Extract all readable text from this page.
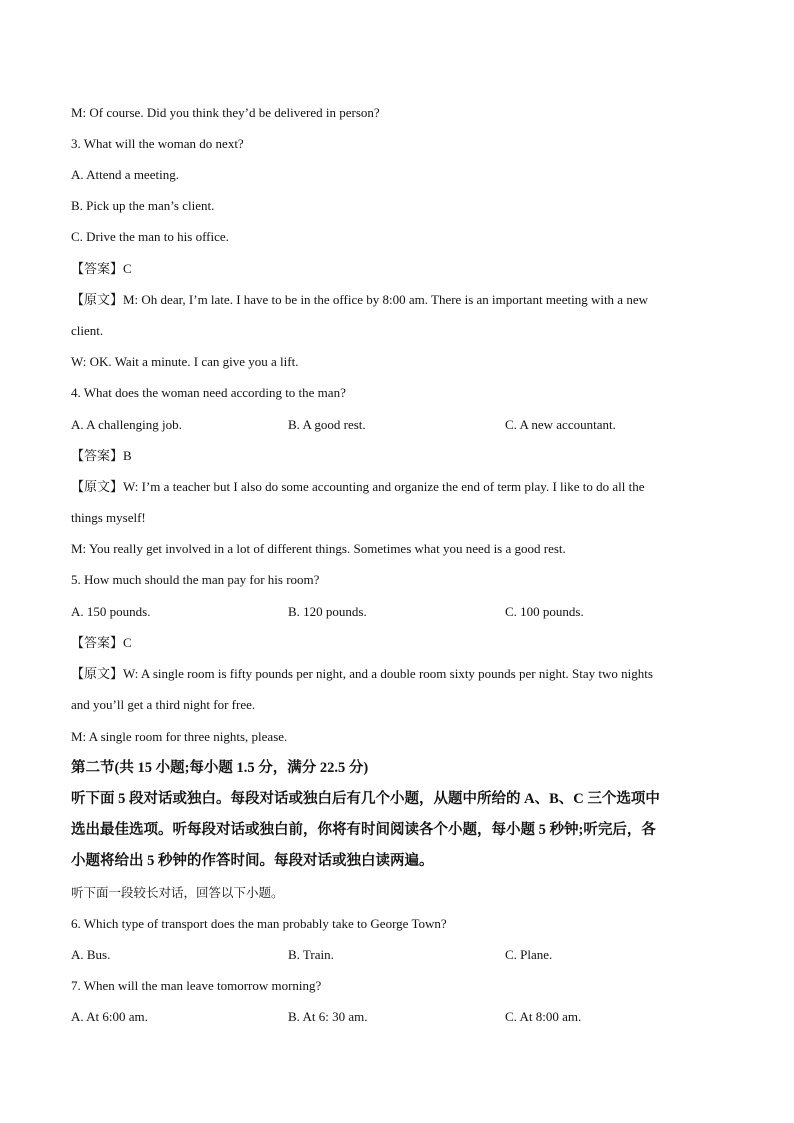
M: Of course. Did you think they’d be delivered in person?
3. What will the woman do next?
A. Attend a meeting.
B. Pick up the man’s client.
C. Drive the man to his office.
【答案】C
【原文】M: Oh dear, I’m late. I have to be in the office by 8:00 am. There is an important meeting with a new
client.
W: OK. Wait a minute. I can give you a lift.
4. What does the woman need according to the man?
A. A challenging job.	B. A good rest.	C. A new accountant.
【答案】B
【原文】W: I’m a teacher but I also do some accounting and organize the end of term play. I like to do all the
things myself!
M: You really get involved in a lot of different things. Sometimes what you need is a good rest.
5. How much should the man pay for his room?
A. 150 pounds.	B. 120 pounds.	C. 100 pounds.
【答案】C
【原文】W: A single room is fifty pounds per night, and a double room sixty pounds per night. Stay two nights
and you’ll get a third night for free.
M: A single room for three nights, please.
第二节(共 15 小题;每小题 1.5 分，满分 22.5 分)
听下面 5 段对话或独白。每段对话或独白后有几个小题，从题中所给的 A、B、C 三个选项中
选出最佳选项。听每段对话或独白前，你将有时间阅读各个小题，每小题 5 秒钟;听完后，各
小题将给出 5 秒钟的作答时间。每段对话或独白读两遍。
听下面一段较长对话，回答以下小题。
6. Which type of transport does the man probably take to George Town?
A. Bus.	B. Train.	C. Plane.
7. When will the man leave tomorrow morning?
A. At 6:00 am.	B. At 6: 30 am.	C. At 8:00 am.
